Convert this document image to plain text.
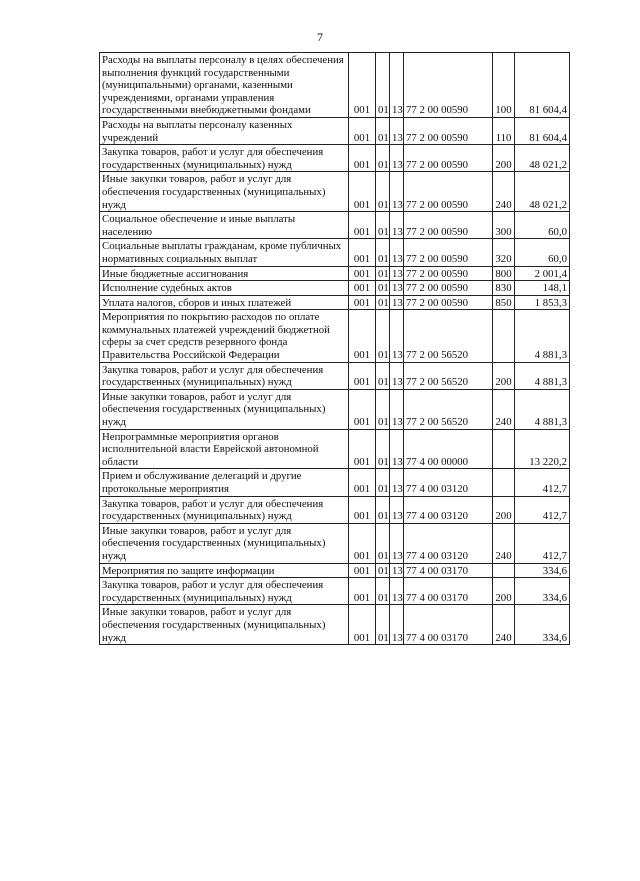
7
Расходы на выплаты персоналу в целях обеспечения выполнения функций государственными (муниципальными) органами, казенными учреждениями, органами управления государственными внебюджетными фондами	001	01	13	77 2 00 00590	100	81 604,4
Расходы на выплаты персоналу казенных учреждений	001	01	13	77 2 00 00590	110	81 604,4
Закупка товаров, работ и услуг для обеспечения государственных (муниципальных) нужд	001	01	13	77 2 00 00590	200	48 021,2
Иные закупки товаров, работ и услуг для обеспечения государственных (муниципальных) нужд	001	01	13	77 2 00 00590	240	48 021,2
Социальное обеспечение и иные выплаты населению	001	01	13	77 2 00 00590	300	60,0
Социальные выплаты гражданам, кроме публичных нормативных социальных выплат	001	01	13	77 2 00 00590	320	60,0
Иные бюджетные ассигнования	001	01	13	77 2 00 00590	800	2 001,4
Исполнение судебных актов	001	01	13	77 2 00 00590	830	148,1
Уплата налогов, сборов и иных платежей	001	01	13	77 2 00 00590	850	1 853,3
Мероприятия по покрытию расходов по оплате коммунальных платежей учреждений бюджетной сферы за счет средств резервного фонда Правительства Российской Федерации	001	01	13	77 2 00 56520		4 881,3
Закупка товаров, работ и услуг для обеспечения государственных (муниципальных) нужд	001	01	13	77 2 00 56520	200	4 881,3
Иные закупки товаров, работ и услуг для обеспечения государственных (муниципальных) нужд	001	01	13	77 2 00 56520	240	4 881,3
Непрограммные мероприятия органов исполнительной власти Еврейской автономной области	001	01	13	77 4 00 00000		13 220,2
Прием и обслуживание делегаций и другие протокольные мероприятия	001	01	13	77 4 00 03120		412,7
Закупка товаров, работ и услуг для обеспечения государственных (муниципальных) нужд	001	01	13	77 4 00 03120	200	412,7
Иные закупки товаров, работ и услуг для обеспечения государственных (муниципальных) нужд	001	01	13	77 4 00 03120	240	412,7
Мероприятия по защите информации	001	01	13	77 4 00 03170		334,6
Закупка товаров, работ и услуг для обеспечения государственных (муниципальных) нужд	001	01	13	77 4 00 03170	200	334,6
Иные закупки товаров, работ и услуг для обеспечения государственных (муниципальных) нужд	001	01	13	77 4 00 03170	240	334,6
